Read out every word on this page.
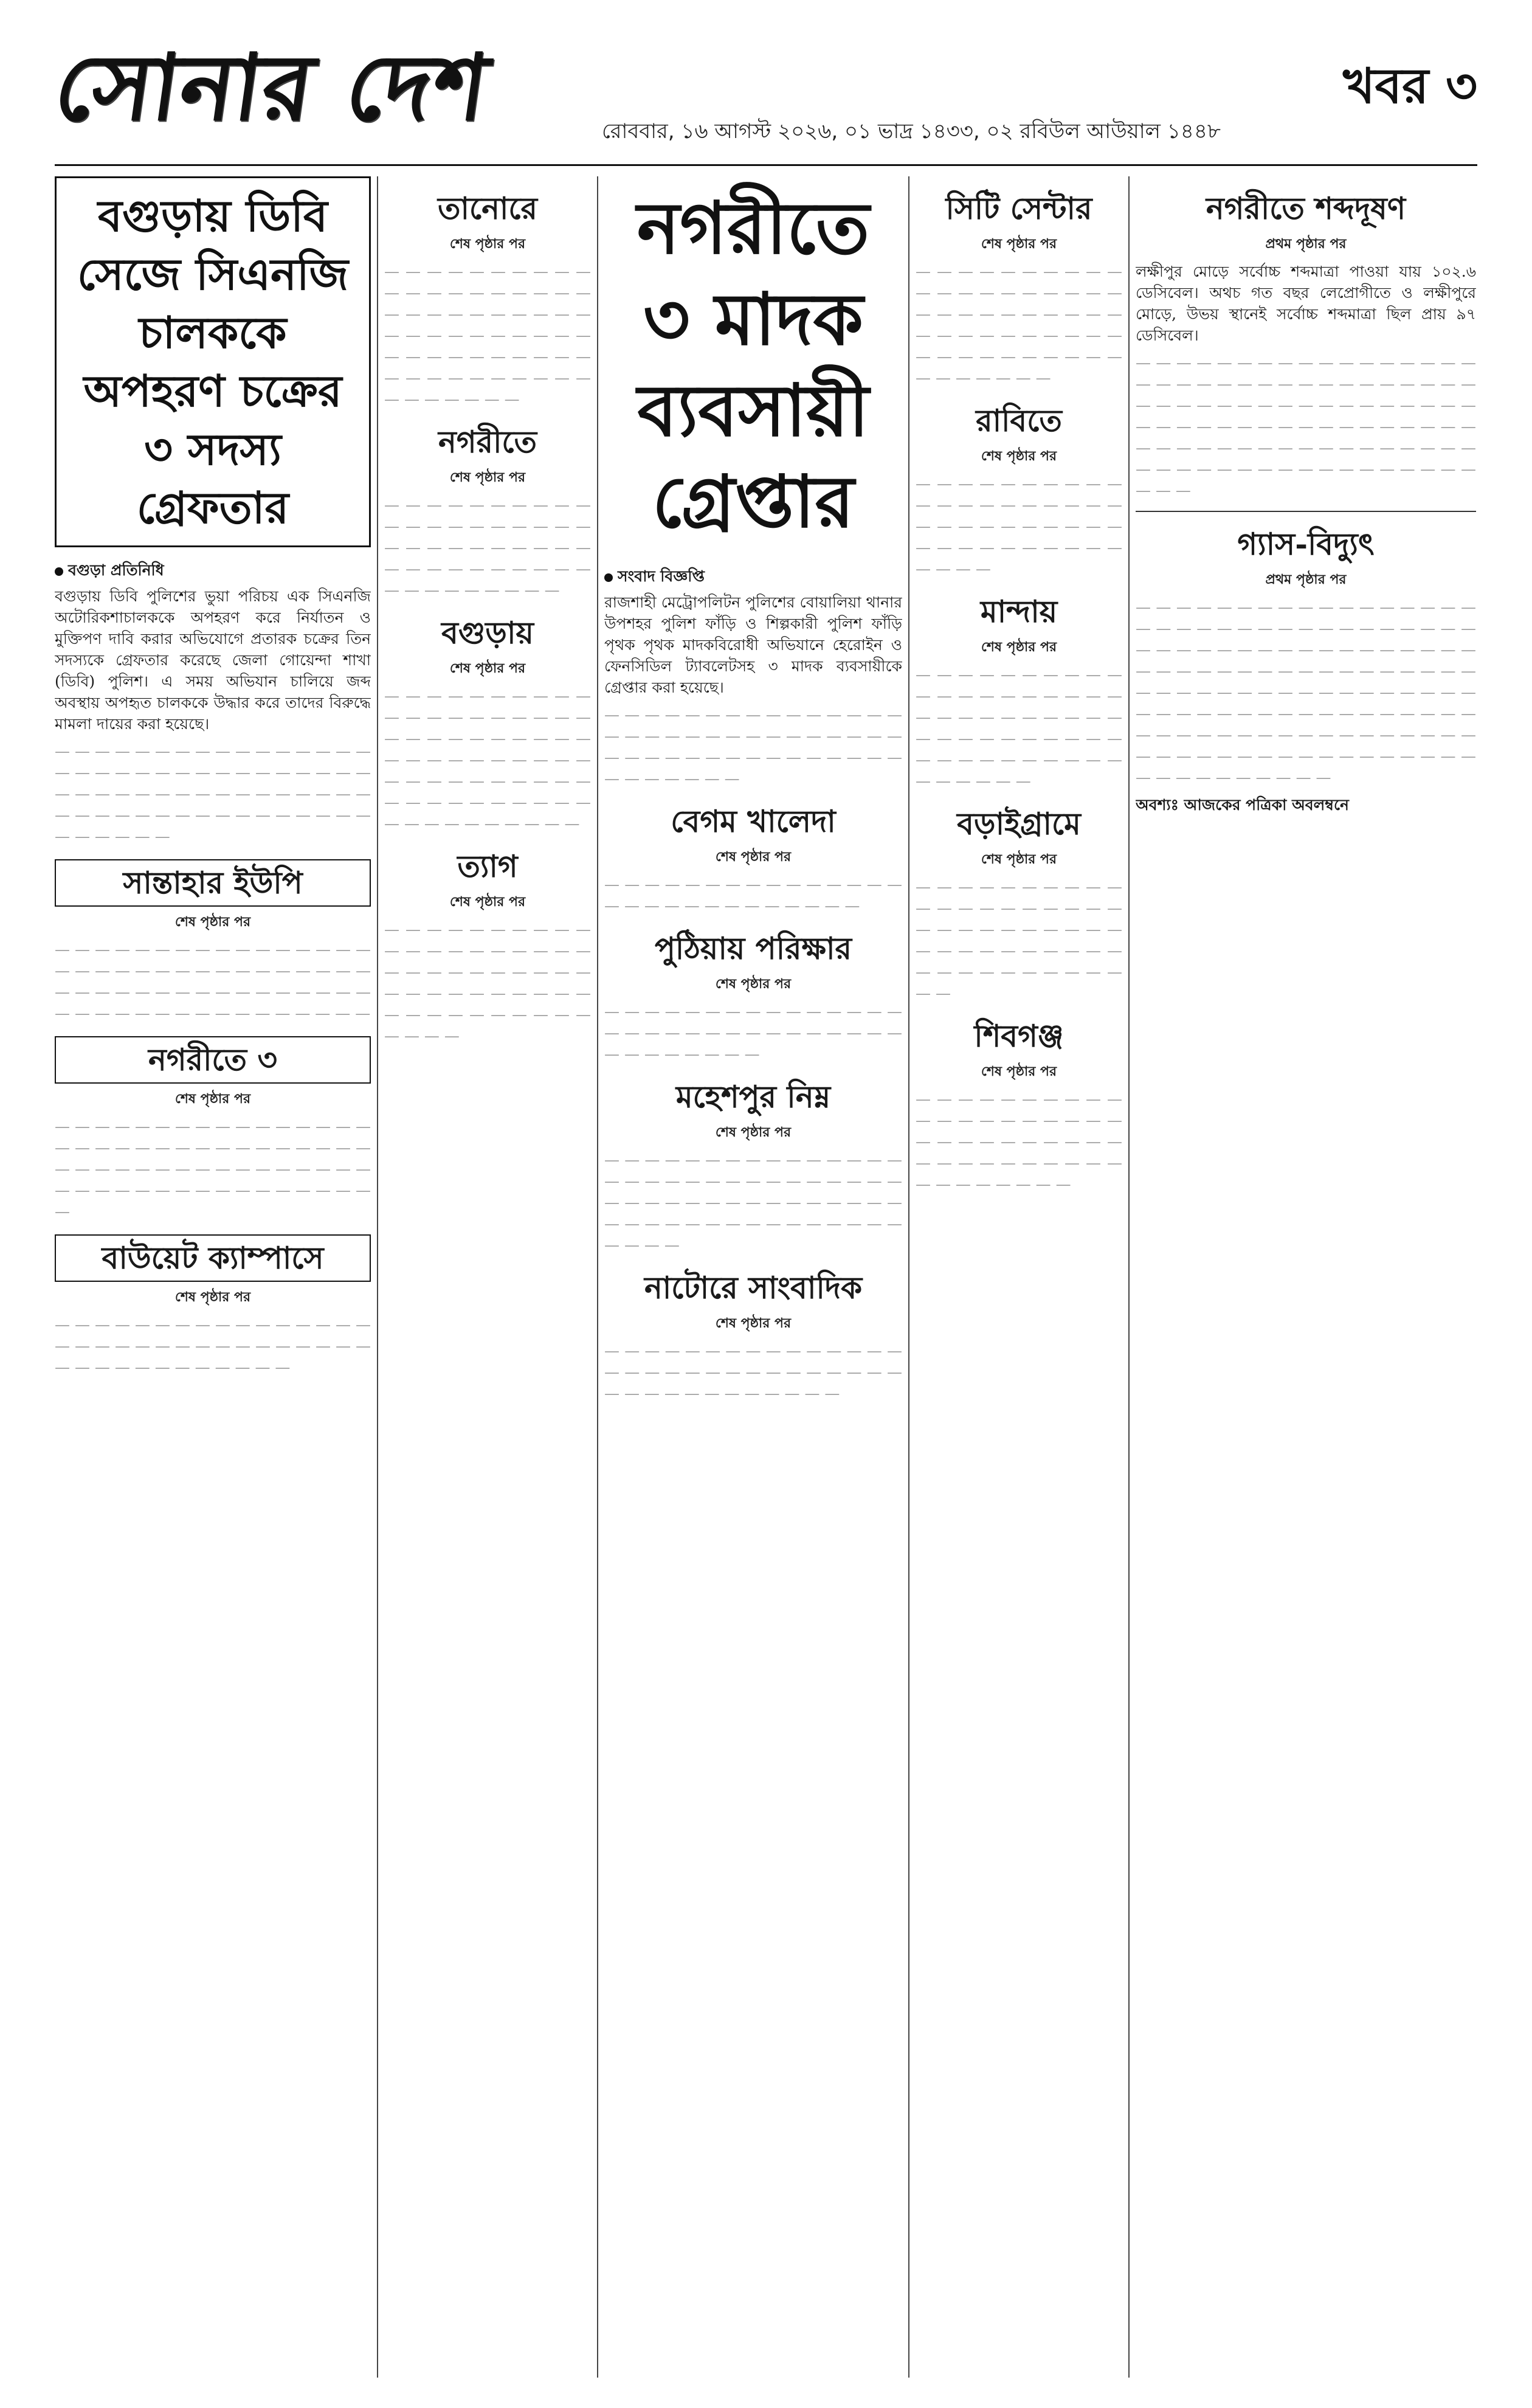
সোনার দেশ	রোববার, ১৬ আগস্ট ২০২৬, ০১ ভাদ্র ১৪৩৩, ০২ রবিউল আউয়াল ১৪৪৮
খবর ৩
বগুড়ায় ডিবি সেজে সিএনজি চালককে অপহরণ চক্রের ৩ সদস্য গ্রেফতার
বগুড়া প্রতিনিধি

বগুড়ায় ডিবি পুলিশের ভুয়া পরিচয় এক সিএনজি অটোরিকশাচালককে অপহরণ করে নির্যাতন ও মুক্তিপণ দাবি করার অভিযোগে প্রতারক চক্রের তিন সদস্যকে গ্রেফতার করেছে জেলা গোয়েন্দা শাখা (ডিবি) পুলিশ। এ সময় অভিযান চালিয়ে জব্দ অবস্থায় অপহৃত চালককে উদ্ধার করে তাদের বিরুদ্ধে মামলা দায়ের করা হয়েছে।

— — — — — — — — — — — — — — — — — — — — — — — — — — — — — — — — — — — — — — — — — — — — — — — — — — — — — — — — — — — — — — — — — — — — — —

সান্তাহার ইউপি
শেষ পৃষ্ঠার পর

— — — — — — — — — — — — — — — — — — — — — — — — — — — — — — — — — — — — — — — — — — — — — — — — — — — — — — — — — — — — — — — —

নগরীতে ৩
শেষ পৃষ্ঠার পর

— — — — — — — — — — — — — — — — — — — — — — — — — — — — — — — — — — — — — — — — — — — — — — — — — — — — — — — — — — — — — — — — —

বাউয়েট ক্যাম্পাসে
শেষ পৃষ্ঠার পর

— — — — — — — — — — — — — — — — — — — — — — — — — — — — — — — — — — — — — — — — — — — —

তানোরে
শেষ পৃষ্ঠার পর

— — — — — — — — — — — — — — — — — — — — — — — — — — — — — — — — — — — — — — — — — — — — — — — — — — — — — — — — — — — — — — — — — — —

নগরীতে
শেষ পৃষ্ঠার পর

— — — — — — — — — — — — — — — — — — — — — — — — — — — — — — — — — — — — — — — — — — — — — — — — —

বগুড়ায়
শেষ পৃষ্ঠার পর

— — — — — — — — — — — — — — — — — — — — — — — — — — — — — — — — — — — — — — — — — — — — — — — — — — — — — — — — — — — — — — — — — — — — — —

ত্যাগ
শেষ পৃষ্ঠার পর

— — — — — — — — — — — — — — — — — — — — — — — — — — — — — — — — — — — — — — — — — — — — — — — — — — — — — —

নগরীতে ৩ মাদক ব্যবসায়ী গ্রেপ্তার
সংবাদ বিজ্ঞপ্তি

রাজশাহী মেট্রোপলিটন পুলিশের বোয়ালিয়া থানার উপশহর পুলিশ ফাঁড়ি ও শিল্পকারী পুলিশ ফাঁড়ি পৃথক পৃথক মাদকবিরোধী অভিযানে হেরোইন ও ফেনসিডিল ট্যাবলেটসহ ৩ মাদক ব্যবসায়ীকে গ্রেপ্তার করা হয়েছে।

— — — — — — — — — — — — — — — — — — — — — — — — — — — — — — — — — — — — — — — — — — — — — — — — — — — —

বেগম খালেদা
শেষ পৃষ্ঠার পর

— — — — — — — — — — — — — — — — — — — — — — — — — — — —

পুঠিয়ায় পরিক্ষার
শেষ পৃষ্ঠার পর

— — — — — — — — — — — — — — — — — — — — — — — — — — — — — — — — — — — — — —

মহেশপুর নিম্ন
শেষ পৃষ্ঠার পর

— — — — — — — — — — — — — — — — — — — — — — — — — — — — — — — — — — — — — — — — — — — — — — — — — — — — — — — — — — — — — — — —

নাটোরে সাংবাদিক
শেষ পৃষ্ঠার পর

— — — — — — — — — — — — — — — — — — — — — — — — — — — — — — — — — — — — — — — — — —

সিটি সেন্টার
শেষ পৃষ্ঠার পর

— — — — — — — — — — — — — — — — — — — — — — — — — — — — — — — — — — — — — — — — — — — — — — — — — — — — — — — — —

রাবিতে
শেষ পৃষ্ঠার পর

— — — — — — — — — — — — — — — — — — — — — — — — — — — — — — — — — — — — — — — — — — — —

মান্দায়
শেষ পৃষ্ঠার পর

— — — — — — — — — — — — — — — — — — — — — — — — — — — — — — — — — — — — — — — — — — — — — — — — — — — — — — — —

বড়াইগ্রামে
শেষ পৃষ্ঠার পর

— — — — — — — — — — — — — — — — — — — — — — — — — — — — — — — — — — — — — — — — — — — — — — — — — — — —

শিবগঞ্জ
শেষ পৃষ্ঠার পর

— — — — — — — — — — — — — — — — — — — — — — — — — — — — — — — — — — — — — — — — — — — — — — — —

নগরীতে শব্দদূষণ
প্রথম পৃষ্ঠার পর

লক্ষীপুর মোড়ে সর্বোচ্চ শব্দমাত্রা পাওয়া যায় ১০২.৬ ডেসিবেল। অথচ গত বছর লেপ্রোগীতে ও লক্ষীপুরে মোড়ে, উভয় স্থানেই সর্বোচ্চ শব্দমাত্রা ছিল প্রায় ৯৭ ডেসিবেল।

— — — — — — — — — — — — — — — — — — — — — — — — — — — — — — — — — — — — — — — — — — — — — — — — — — — — — — — — — — — — — — — — — — — — — — — — — — — — — — — — — — — — — — — — — — — — — — — — — — — — — — — — —

গ্যাস-বিদ্যুৎ
প্রথম পৃষ্ঠার পর

— — — — — — — — — — — — — — — — — — — — — — — — — — — — — — — — — — — — — — — — — — — — — — — — — — — — — — — — — — — — — — — — — — — — — — — — — — — — — — — — — — — — — — — — — — — — — — — — — — — — — — — — — — — — — — — — — — — — — — — — — — — — — — — — — — — — — — — — — — — — — — — — — —

অবশ্যঃ আজকের পত্রিকা অবলম্বনে
